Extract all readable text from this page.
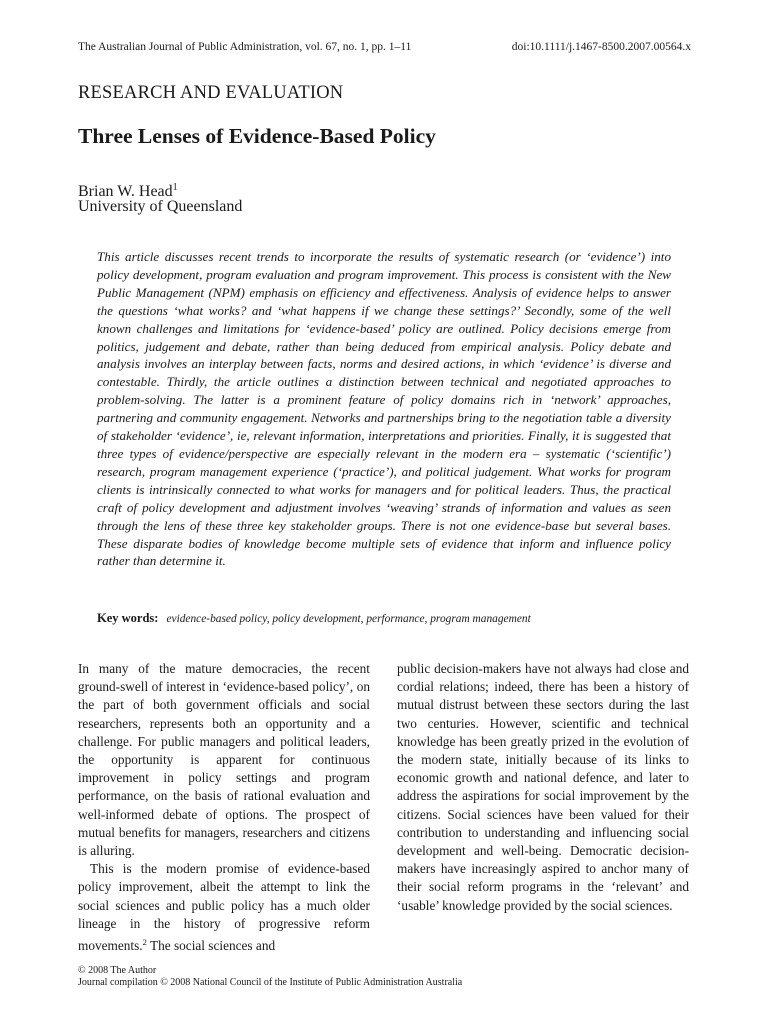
The Australian Journal of Public Administration, vol. 67, no. 1, pp. 1–11	doi:10.1111/j.1467-8500.2007.00564.x
RESEARCH AND EVALUATION
Three Lenses of Evidence-Based Policy
Brian W. Head$^1$
University of Queensland
This article discusses recent trends to incorporate the results of systematic research (or ‘evidence’) into policy development, program evaluation and program improvement. This process is consistent with the New Public Management (NPM) emphasis on efficiency and effectiveness. Analysis of evidence helps to answer the questions ‘what works? and ‘what happens if we change these settings?’ Secondly, some of the well known challenges and limitations for ‘evidence-based’ policy are outlined. Policy decisions emerge from politics, judgement and debate, rather than being deduced from empirical analysis. Policy debate and analysis involves an interplay between facts, norms and desired actions, in which ‘evidence’ is diverse and contestable. Thirdly, the article outlines a distinction between technical and negotiated approaches to problem-solving. The latter is a prominent feature of policy domains rich in ‘network’ approaches, partnering and community engagement. Networks and partnerships bring to the negotiation table a diversity of stakeholder ‘evidence’, ie, relevant information, interpretations and priorities. Finally, it is suggested that three types of evidence/perspective are especially relevant in the modern era – systematic (‘scientific’) research, program management experience (‘practice’), and political judgement. What works for program clients is intrinsically connected to what works for managers and for political leaders. Thus, the practical craft of policy development and adjustment involves ‘weaving’ strands of information and values as seen through the lens of these three key stakeholder groups. There is not one evidence-base but several bases. These disparate bodies of knowledge become multiple sets of evidence that inform and influence policy rather than determine it.
Key words: evidence-based policy, policy development, performance, program management

In many of the mature democracies, the recent ground-swell of interest in ‘evidence-based policy’, on the part of both government officials and social researchers, represents both an opportunity and a challenge. For public managers and political leaders, the opportunity is apparent for continuous improvement in policy settings and program performance, on the basis of rational evaluation and well-informed debate of options. The prospect of mutual benefits for managers, researchers and citizens is alluring.

This is the modern promise of evidence-based policy improvement, albeit the attempt to link the social sciences and public policy has a much older lineage in the history of progressive reform movements.$^2$ The social sciences and

public decision-makers have not always had close and cordial relations; indeed, there has been a history of mutual distrust between these sectors during the last two centuries. However, scientific and technical knowledge has been greatly prized in the evolution of the modern state, initially because of its links to economic growth and national defence, and later to address the aspirations for social improvement by the citizens. Social sciences have been valued for their contribution to understanding and influencing social development and well-being. Democratic decision-makers have increasingly aspired to anchor many of their social reform programs in the ‘relevant’ and ‘usable’ knowledge provided by the social sciences.

© 2008 The Author
Journal compilation © 2008 National Council of the Institute of Public Administration Australia
